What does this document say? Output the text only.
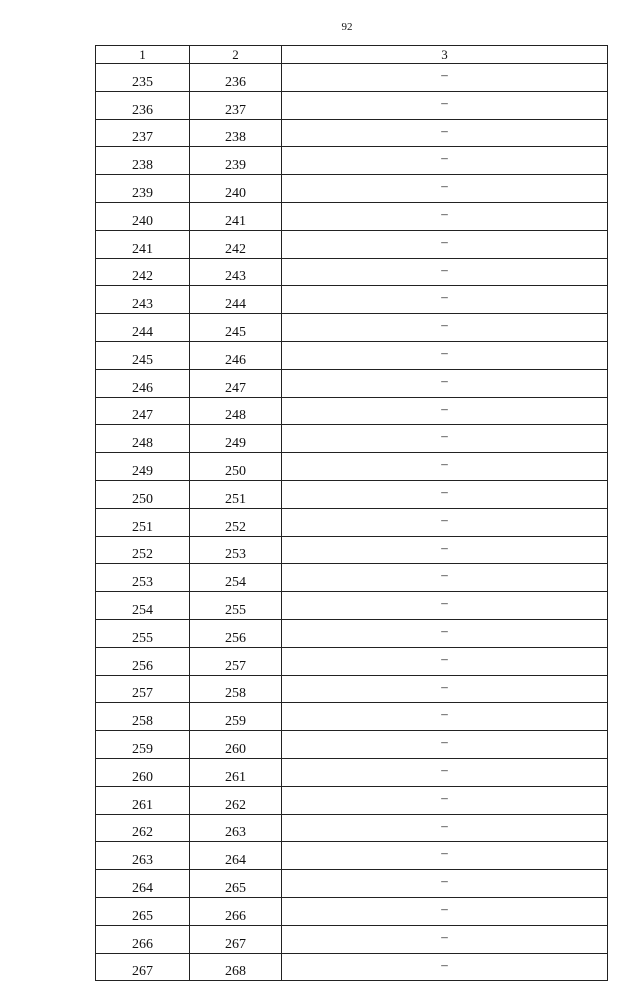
92
1	2	3
235	236	–
236	237	–
237	238	–
238	239	–
239	240	–
240	241	–
241	242	–
242	243	–
243	244	–
244	245	–
245	246	–
246	247	–
247	248	–
248	249	–
249	250	–
250	251	–
251	252	–
252	253	–
253	254	–
254	255	–
255	256	–
256	257	–
257	258	–
258	259	–
259	260	–
260	261	–
261	262	–
262	263	–
263	264	–
264	265	–
265	266	–
266	267	–
267	268	–
